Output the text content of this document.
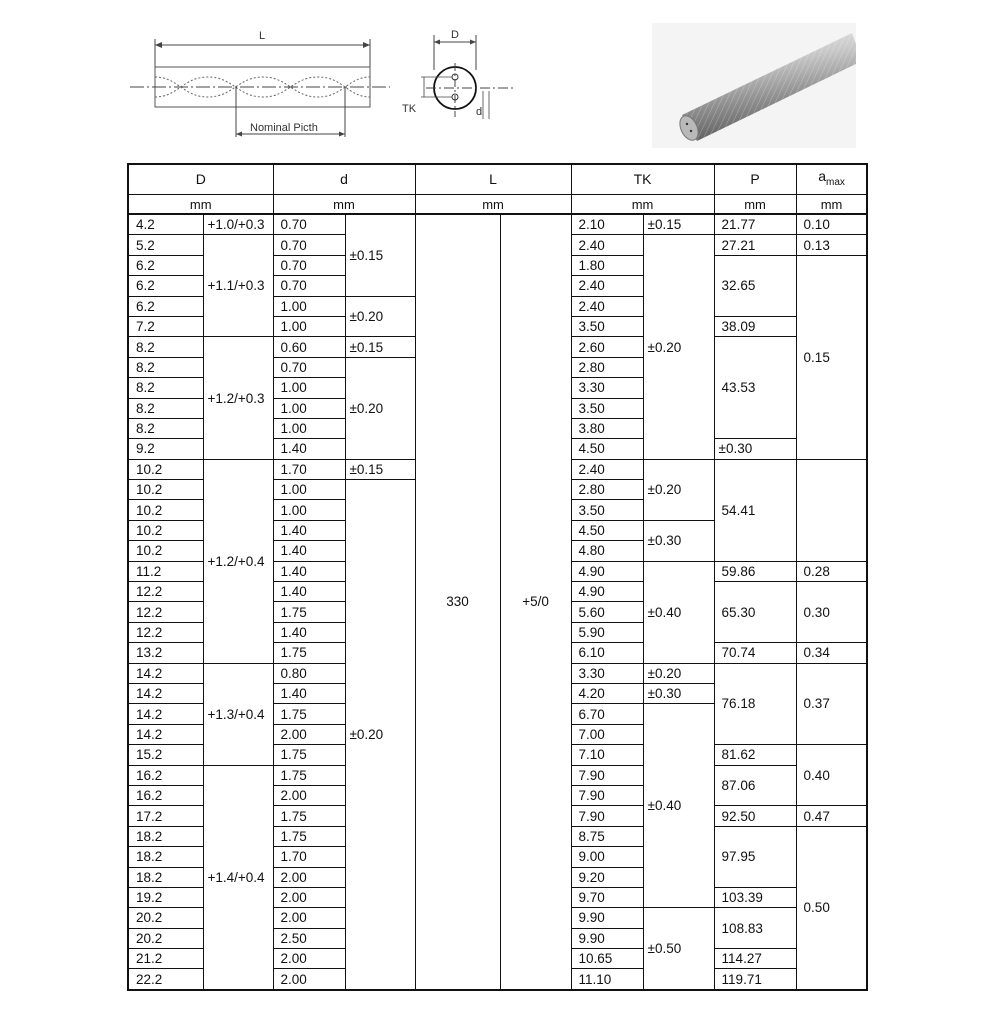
L
Nominal Picth
D
TK	d
D		d		L		TK		P	$a_{max}$
mm		mm		mm		mm		mm	mm	
4.2	+1.0/+0.3	0.70	±0.15	330	+5/0	2.10	±0.15	21.77	0.10	
5.2	+1.1/+0.3	0.70				2.40	±0.20	27.21	0.13	
6.2		0.70				1.80		32.65	0.15	
6.2		0.70				2.40				
6.2		1.00	±0.20			2.40				
7.2		1.00				3.50		38.09		
8.2	+1.2/+0.3	0.60	±0.15			2.60		43.53		
8.2		0.70	±0.20			2.80				
8.2		1.00				3.30				
8.2		1.00				3.50				
8.2		1.00				3.80				
9.2		1.40				4.50		±0.30		
10.2	+1.2/+0.4	1.70	±0.15			2.40	±0.20	54.41		
10.2		1.00	±0.20			2.80				
10.2		1.00				3.50				
10.2		1.40				4.50	±0.30			
10.2		1.40				4.80				
11.2		1.40				4.90	±0.40	59.86	0.28	
12.2		1.40				4.90		65.30	0.30	
12.2		1.75				5.60				
12.2		1.40				5.90				
13.2		1.75				6.10		70.74	0.34	
14.2	+1.3/+0.4	0.80				3.30	±0.20	76.18	0.37	
14.2		1.40				4.20	±0.30			
14.2		1.75				6.70	±0.40			
14.2		2.00				7.00				
15.2		1.75				7.10		81.62	0.40	
16.2	+1.4/+0.4	1.75				7.90		87.06		
16.2		2.00				7.90				
17.2		1.75				7.90		92.50	0.47	
18.2		1.75				8.75		97.95	0.50	
18.2		1.70				9.00				
18.2		2.00				9.20				
19.2		2.00				9.70		103.39		
20.2		2.00				9.90	±0.50	108.83		
20.2		2.50				9.90				
21.2		2.00				10.65		114.27		
22.2		2.00				11.10		119.71		
